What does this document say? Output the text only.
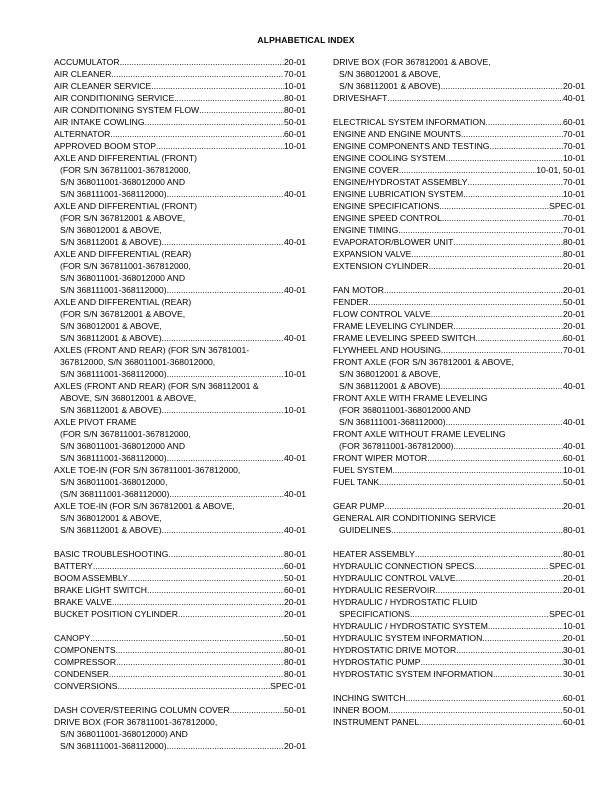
ALPHABETICAL INDEX
ACCUMULATOR .....	20-01
AIR CLEANER .....	70-01
AIR CLEANER SERVICE .....	10-01
AIR CONDITIONING SERVICE .....	80-01
AIR CONDITIONING SYSTEM FLOW .....	80-01
AIR INTAKE COWLING .....	50-01
ALTERNATOR .....	60-01
APPROVED BOOM STOP .....	10-01
AXLE AND DIFFERENTIAL (FRONT)
(FOR S/N 367811001-367812000,
S/N 368011001-368012000 AND
S/N 368111001-368112000) .....	40-01
AXLE AND DIFFERENTIAL (FRONT)
(FOR S/N 367812001 & ABOVE,
S/N 368012001 & ABOVE,
S/N 368112001 & ABOVE) .....	40-01
AXLE AND DIFFERENTIAL (REAR)
(FOR S/N 367811001-367812000,
S/N 368011001-368012000 AND
S/N 368111001-368112000) .....	40-01
AXLE AND DIFFERENTIAL (REAR)
(FOR S/N 367812001 & ABOVE,
S/N 368012001 & ABOVE,
S/N 368112001 & ABOVE) .....	40-01
AXLES (FRONT AND REAR) (FOR S/N 36781001-
367812000, S/N 368011001-368012000,
S/N 368111001-368112000) .....	10-01
AXLES (FRONT AND REAR) (FOR S/N 368112001 &
ABOVE, S/N 368012001 & ABOVE,
S/N 368112001 & ABOVE) .....	10-01
AXLE PIVOT FRAME
(FOR S/N 367811001-367812000,
S/N 368011001-368012000 AND
S/N 368111001-368112000) .....	40-01
AXLE TOE-IN (FOR S/N 367811001-367812000,
S/N 368011001-368012000,
(S/N 368111001-368112000) .....	40-01
AXLE TOE-IN (FOR S/N 367812001 & ABOVE,
S/N 368012001 & ABOVE,
S/N 368112001 & ABOVE) .....	40-01
BASIC TROUBLESHOOTING .....	80-01
BATTERY .....	60-01
BOOM ASSEMBLY .....	50-01
BRAKE LIGHT SWITCH .....	60-01
BRAKE VALVE .....	20-01
BUCKET POSITION CYLINDER .....	20-01
CANOPY .....	50-01
COMPONENTS .....	80-01
COMPRESSOR .....	80-01
CONDENSER .....	80-01
CONVERSIONS .....	SPEC-01
DASH COVER/STEERING COLUMN COVER .....	50-01
DRIVE BOX (FOR 367811001-367812000,
S/N 368011001-368012000) AND
S/N 368111001-368112000) .....	20-01
DRIVE BOX (FOR 367812001 & ABOVE,
S/N 368012001 & ABOVE,
S/N 368112001 & ABOVE) .....	20-01
DRIVESHAFT .....	40-01
ELECTRICAL SYSTEM INFORMATION .....	60-01
ENGINE AND ENGINE MOUNTS .....	70-01
ENGINE COMPONENTS AND TESTING .....	70-01
ENGINE COOLING SYSTEM .....	10-01
ENGINE COVER .....	10-01, 50-01
ENGINE/HYDROSTAT ASSEMBLY .....	70-01
ENGINE LUBRICATION SYSTEM .....	10-01
ENGINE SPECIFICATIONS .....	SPEC-01
ENGINE SPEED CONTROL .....	70-01
ENGINE TIMING .....	70-01
EVAPORATOR/BLOWER UNIT .....	80-01
EXPANSION VALVE .....	80-01
EXTENSION CYLINDER .....	20-01
FAN MOTOR .....	20-01
FENDER .....	50-01
FLOW CONTROL VALVE .....	20-01
FRAME LEVELING CYLINDER .....	20-01
FRAME LEVELING SPEED SWITCH .....	60-01
FLYWHEEL AND HOUSING .....	70-01
FRONT AXLE (FOR S/N 367812001 & ABOVE,
S/N 368012001 & ABOVE,
S/N 368112001 & ABOVE) .....	40-01
FRONT AXLE WITH FRAME LEVELING
(FOR 368011001-368012000 AND
S/N 368111001-368112000) .....	40-01
FRONT AXLE WITHOUT FRAME LEVELING
(FOR 367811001-367812000) .....	40-01
FRONT WIPER MOTOR .....	60-01
FUEL SYSTEM .....	10-01
FUEL TANK .....	50-01
GEAR PUMP .....	20-01
GENERAL AIR CONDITIONING SERVICE
GUIDELINES .....	80-01
HEATER ASSEMBLY .....	80-01
HYDRAULIC CONNECTION SPECS .....	SPEC-01
HYDRAULIC CONTROL VALVE .....	20-01
HYDRAULIC RESERVOIR .....	20-01
HYDRAULIC / HYDROSTATIC FLUID
SPECIFICATIONS .....	SPEC-01
HYDRAULIC / HYDROSTATIC SYSTEM .....	10-01
HYDRAULIC SYSTEM INFORMATION .....	20-01
HYDROSTATIC DRIVE MOTOR .....	30-01
HYDROSTATIC PUMP .....	30-01
HYDROSTATIC SYSTEM INFORMATION .....	30-01
INCHING SWITCH .....	60-01
INNER BOOM .....	50-01
INSTRUMENT PANEL .....	60-01
